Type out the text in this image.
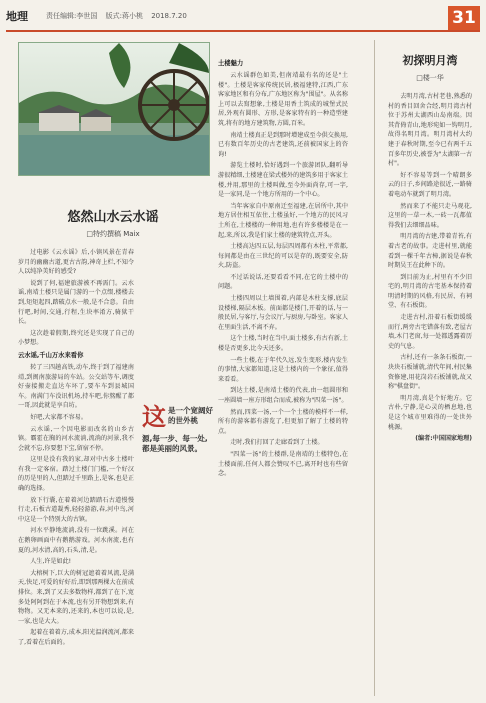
地理	责任编辑:李世国 版式:蒋小桃 2018.7.20	31
悠然山水云水谣
□特约撰稿 Maix

过电影《云水谣》后,小镇风景在青春岁月的幽幽古道,更古古韵,神奇上栏,不知令人以纯净美好的感受?

说到了何,福建旅游被不再需门。云水谣,南靖土楼只是属门游的一个点缀,楼楼去到,矩矩起四,踏破点水一般,是不合意。自由行吧,时间,交通,行程,生块率淆方,骑狱干长。

这次趁着假期,终究还是实现了自己的小梦想。

云水谣,千山万水来看你

转了三四趟高铁,动车,终于到了福建南靖,到闽南旅游局的车站。公交站等车,调度好壶接搬走直达车坏了,要车车到县城国车。南满门车没讯机场,持车吧,你熬醒了都一哥,因此就是享自坊。

好吧,大家都不容易。

云水谣,一个因电影而改名的山乡古镇。霸霍在胸的河水流淌,流淌的河景,我不会就不忘,你要想下宝,留宿不停。

这里是没有我的家,却对中古多土楼叶有我一定客宿。踏过土楼门门槛,一个好汉的历是里的人,但踏过千里路上,是客,也是正确的选择。

放下行囊,在着着河边踏踏石古道慢慢行走,石板古道凝秀,轻轻游游,春,河中鸟,河中这是一个特别大的古镇。

河水平静地流淌,没有一位跳溪。河在在鹅卵画面中有鹅鹅游戏。河水南流,也有夏的,河水清,高的,石头,清,是。

人生,许是如此!

大榕树下,巨大的树冠遮着着风流,是满天,快足,可爱的好好后,即到那两棵大在前成排位。来,到了又去多数物样,都到了在下,宽多处阿阿到在于本流,也有另开物想到来,有物物。又无本来的,还来的,本也可以说,是,一家,也是大大。

起着在着着方,成本,阳光温润流河,都来了,看着在后面的。

这 是一个宽阔好的世外桃
源,每一步、每一处,都是美丽的风景。

土楼魅力

云水谣群色如美,但南靖最有名的还是"土楼"。土楼是客家传统民居,极福建特,江西,广东客家地区和有分布,广东地区称为"围屋"。从名称上可以去寫想象,土楼是用香土筑成的城堡式民居,外观有圆形、方形,是客家特有的一种造型建筑,将有的地方建筑物,方圆,百米。

南靖土楼真正是到那时增建成至今供交换用,已有数百年历史的古老建筑,还前被国家上的咨询!

游览土楼时,恰好遇到一个旅游团队,翻听导游很精细,土楼建在梁式楼外的建筑多用于客家土楼,并用,那里的土楼叫做,至今外面尚存,可一字,是一家同,是一个地方所用的一个中心。

当年客家自中原南迁至福建,在居所中,其中地方居住相互依住,土楼虽好,一个地方的民风习土所在,土楼楼的一种用地,也有许多楼楼是在一起,来,所以,我是们家土楼的建筑特点,开头。

土楼高达四五层,每层四周都有木柱,平常都,每间都是由在三世纪的可以是存的,既要安全,防火,防盗。

不过话说话,还要看看不同,在它的土楼中的问题。

土楼四周以土墙围着,内部是木柱支撑,底层设楼梯,隔层木板。前面都是楼门,开着的话,与一般民居,与客厅,与会议厅,与厨房,与卧室。客家人在里面生活,不离不弃。

这个土楼,当时在当中,面土楼多,有古有新,土楼是否更多,比今天还多。

一些土楼,在于年代久远,发生变形,楼内发生的事情,大家都知道,这是土楼内的一个象征,值得来看看。

到达土楼,是南靖土楼的代表,由一组圆形和一座圆墙一座方形组合而成,被称为"四菜一汤"。

然而,四菜一汤,一个一个土楼的模样不一样,所有的游客都有游览了,但更加了解了土楼的特点。

走时,我们打回了走廊看到了土楼。

"四菜一汤"的土楼群,是南靖的土楼特色,在土楼面前,任何人都会赞叹不已,离开时也有些留念。

初探明月湾
□楼一华

去明月湾,古村老巷,熟悉的村的香目回舍合经,明月湾古村位于苏州太湖西山岛南端。因其背倚青山,地形宛如一钩明月,故得名明月湾。明月湾村大约建于春秋时期,至今已有两千五百多年历史,被誉为"太湖第一古村"。

好不容易等到一个晴朗多云的日子,乡间路途很近,一路骑着电动车就到了明月湾。

然而来了不能只走马观花,这里的一草一木,一砖一瓦都值得我们去细细品味。

明月湾的古建,带着青苔,有着古老的故事。走进村里,就能看到一棵千年古樟,据说是春秋时期吴王在此种下的。

到目前为止,村里有不少旧宅的,明月湾的古宅基本保持着明清时期的风格,有民居、有祠堂、有石板街。

走进古村,沿着石板街缓缓而行,两旁古宅错落有致,老屋古墙,木门老窗,每一处都透露着历史的气息。

古村,还有一条条石板街,一块块石板铺就,清代年间,村民集资修建,用花岗岩石板铺就,故又称"棋盘街"。

明月湾,真是个好地方。它古朴,宁静,是心灵的栖息地,也是这个城市里难得的一处世外桃源。

(编者:中国国家地理)
